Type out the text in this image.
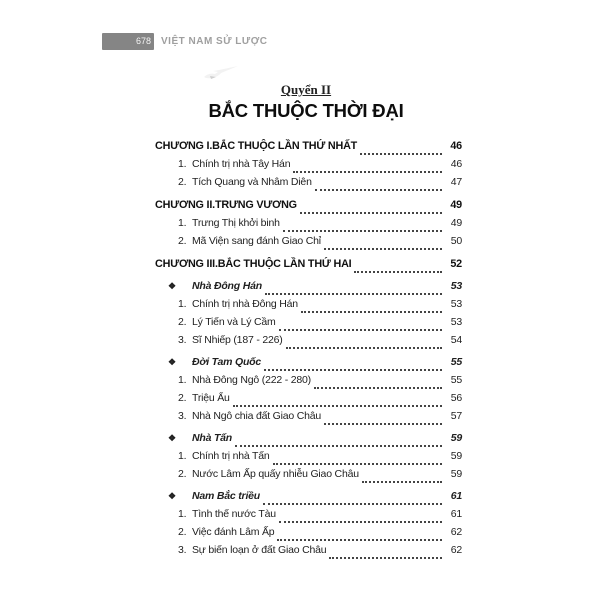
678 VIỆT NAM SỬ LƯỢC
Quyển II
BẮC THUỘC THỜI ĐẠI
CHƯƠNG I. BẮC THUỘC LẦN THỨ NHẤT	46
1. Chính trị nhà Tây Hán	46
2. Tích Quang và Nhâm Diên	47
CHƯƠNG II. TRƯNG VƯƠNG	49
1. Trưng Thị khởi binh	49
2. Mã Viện sang đánh Giao Chỉ	50
CHƯƠNG III. BẮC THUỘC LẦN THỨ HAI	52
❖	Nhà Đông Hán	53
1. Chính trị nhà Đông Hán	53
2. Lý Tiến và Lý Cầm	53
3. Sĩ Nhiếp (187 - 226)	54
❖	Đời Tam Quốc	55
1. Nhà Đông Ngô (222 - 280)	55
2. Triệu Ẩu	56
3. Nhà Ngô chia đất Giao Châu	57
❖	Nhà Tấn	59
1. Chính trị nhà Tấn	59
2. Nước Lâm Ấp quấy nhiễu Giao Châu	59
❖	Nam Bắc triều	61
1. Tình thế nước Tàu	61
2. Việc đánh Lâm Ấp	62
3. Sự biến loạn ở đất Giao Châu	62
